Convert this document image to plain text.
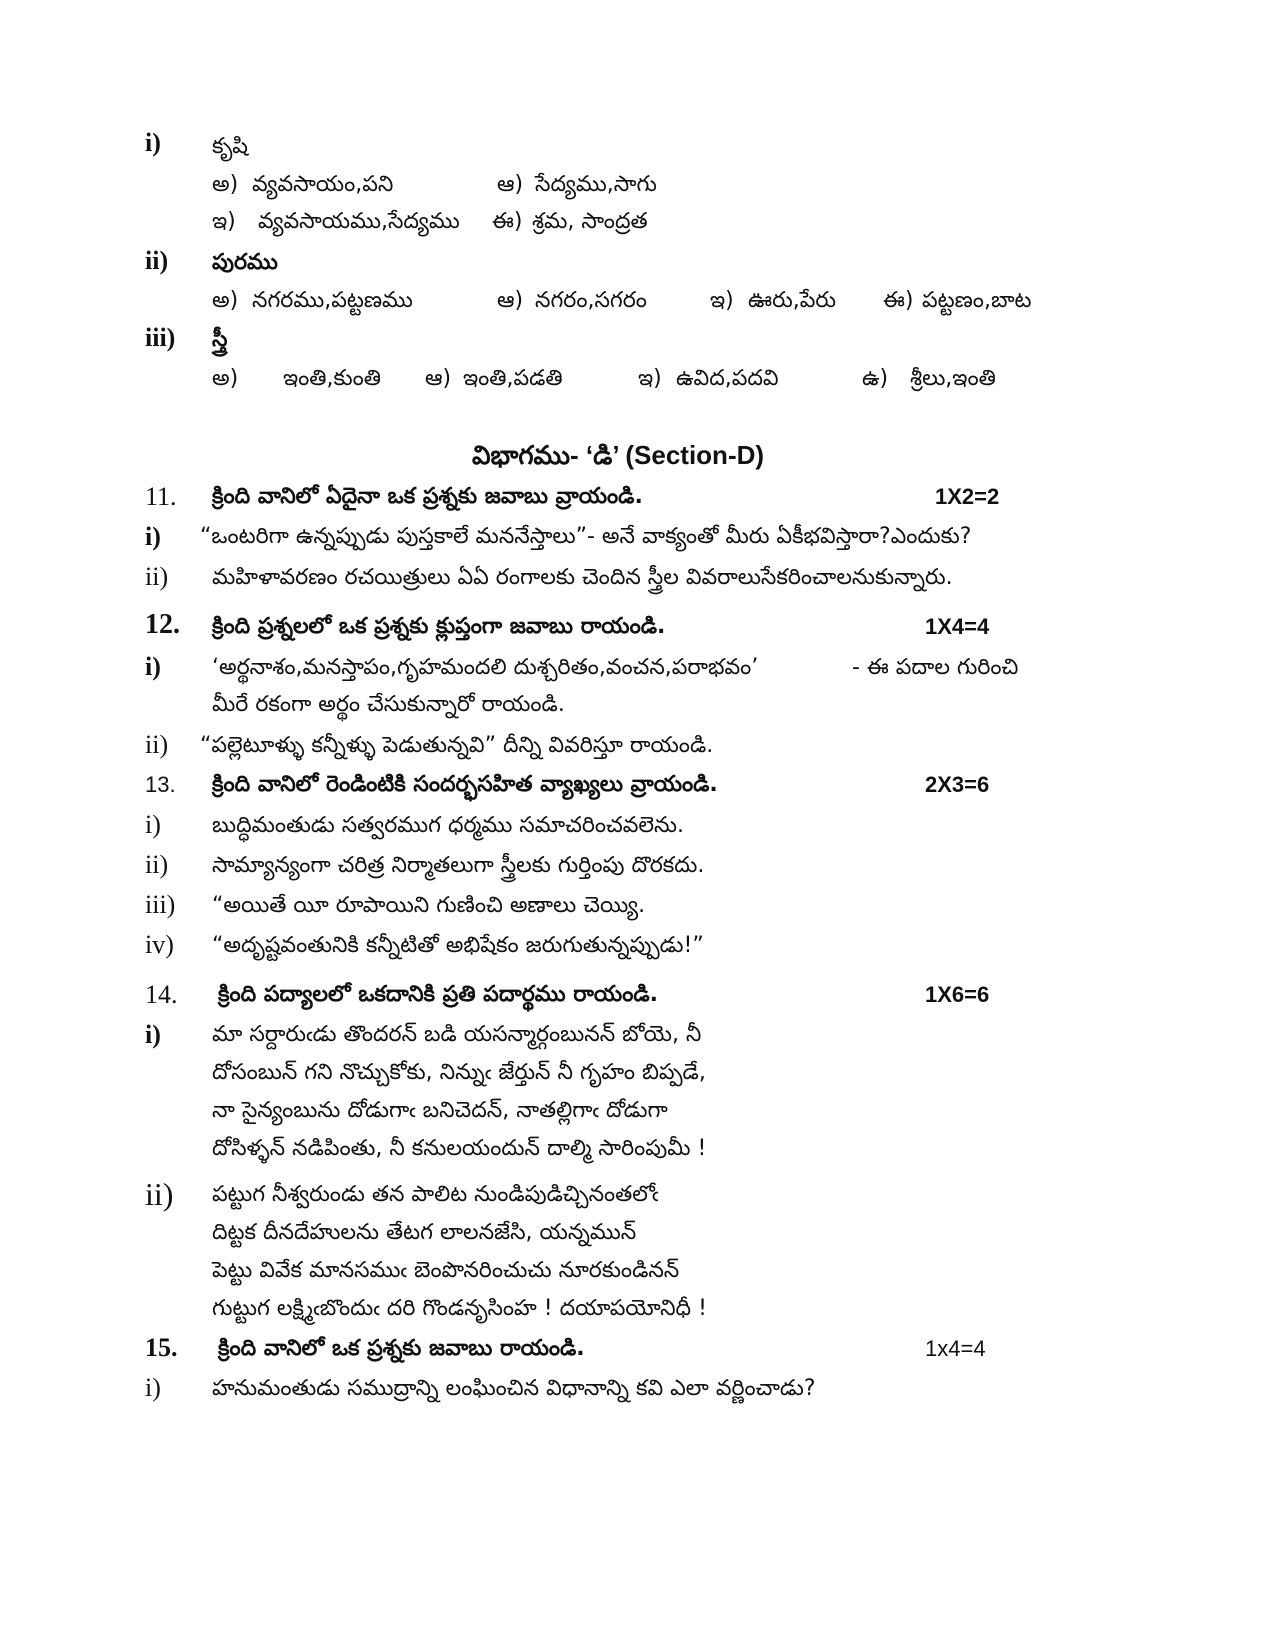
i) కృషి
అ) వ్యవసాయం,పని	ఆ) సేద్యము,సాగు
ఇ) వ్యవసాయము,సేద్యము ఈ) శ్రమ, సాంద్రత
ii) పురము
అ) నగరము,పట్టణము	ఆ) నగరం,సగరం	ఇ) ఊరు,పేరు ఈ) పట్టణం,బాట
iii) స్త్రీ
అ) ఇంతి,కుంతి ఆ) ఇంతి,పడతి	ఇ) ఉవిద,పదవి	ఉ) శ్రీలు,ఇంతి
విభాగము- ‘డి’ (Section-D)
11. క్రింది వానిలో ఏదైనా ఒక ప్రశ్నకు జవాబు వ్రాయండి.	1X2=2
i) “ఒంటరిగా ఉన్నప్పుడు పుస్తకాలే మననేస్తాలు”- అనే వాక్యంతో మీరు ఏకీభవిస్తారా?ఎందుకు?
ii) మహిళావరణం రచయిత్రులు ఏఏ రంగాలకు చెందిన స్త్రీల వివరాలుసేకరించాలనుకున్నారు.
12. క్రింది ప్రశ్నలలో ఒక ప్రశ్నకు క్లుప్తంగా జవాబు రాయండి.	1X4=4
i) ‘అర్థనాశం,మనస్తాపం,గృహమందలి దుశ్చరితం,వంచన,పరాభవం’	- ఈ పదాల గురించి
మీరే రకంగా అర్థం చేసుకున్నారో రాయండి.
ii) “పల్లెటూళ్ళు కన్నీళ్ళు పెడుతున్నవి” దీన్ని వివరిస్తూ రాయండి.
13. క్రింది వానిలో రెండింటికి సందర్భసహిత వ్యాఖ్యలు వ్రాయండి.	2X3=6
i) బుద్ధిమంతుడు సత్వరముగ ధర్మము సమాచరించవలెను.
ii) సామ్యాన్యంగా చరిత్ర నిర్మాతలుగా స్త్రీలకు గుర్తింపు దొరకదు.
iii) “అయితే యీ రూపాయిని గుణించి అణాలు చెయ్యి.
iv) “అదృష్టవంతునికి కన్నీటితో అభిషేకం జరుగుతున్నప్పుడు!”
14. క్రింది పద్యాలలో ఒకదానికి ప్రతి పదార్థము రాయండి.	1X6=6
i) మా సర్దారుఁడు తొందరన్ బడి యసన్మార్గంబునన్ బోయె, నీ
దోసంబున్ గని నొచ్చుకోకు, నిన్నుఁ జేర్తున్ నీ గృహం బిప్పడే,
నా సైన్యంబును దోడుగాఁ బనిచెదన్, నాతల్లిగాఁ దోడుగా
దోసిళ్ళన్ నడిపింతు, నీ కనులయందున్ దాల్మి సారింపుమీ !
ii) పట్టుగ నీశ్వరుండు తన పాలిట నుండిపుడిచ్చినంతలోఁ
దిట్టక దీనదేహులను తేటగ లాలనజేసి, యన్నమున్
పెట్టు వివేక మానసముఁ బెంపొనరించుచు నూరకుండినన్
గుట్టుగ లక్ష్మిఁబొందుఁ దరి గొండనృసింహ ! దయాపయోనిధీ !
15. క్రింది వానిలో ఒక ప్రశ్నకు జవాబు రాయండి.	1x4=4
i) హనుమంతుడు సముద్రాన్ని లంఘించిన విధానాన్ని కవి ఎలా వర్ణించాడు?
